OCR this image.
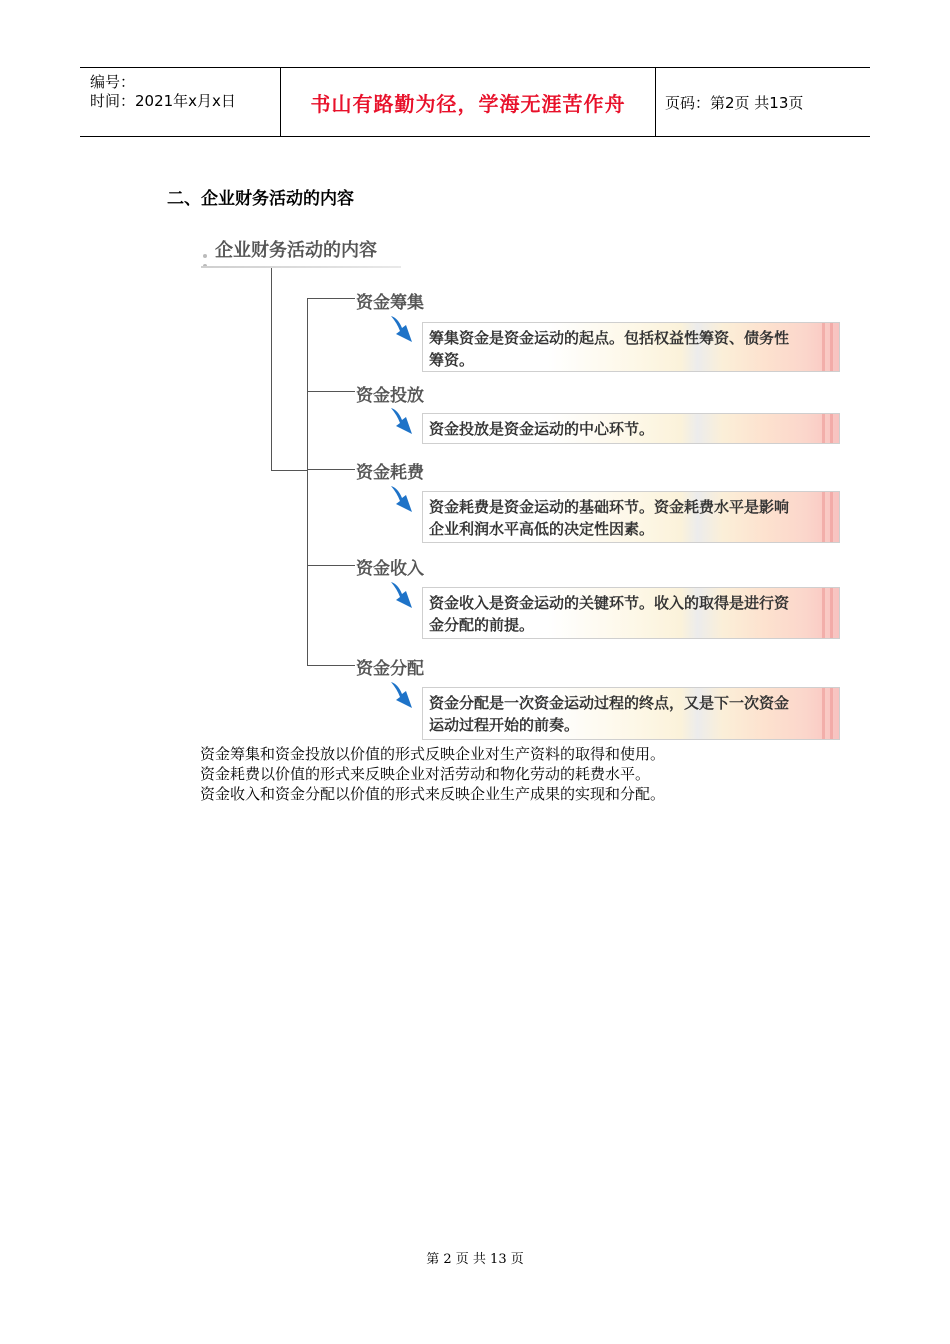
编号：
时间：2021年x月x日	书山有路勤为径，学海无涯苦作舟	页码：第2页 共13页
二、企业财务活动的内容
企业财务活动的内容
资金筹集
筹集资金是资金运动的起点。包括权益性筹资、债务性
筹资。
资金投放
资金投放是资金运动的中心环节。
资金耗费
资金耗费是资金运动的基础环节。资金耗费水平是影响
企业利润水平高低的决定性因素。
资金收入
资金收入是资金运动的关键环节。收入的取得是进行资
金分配的前提。
资金分配
资金分配是一次资金运动过程的终点，又是下一次资金
运动过程开始的前奏。
资金筹集和资金投放以价值的形式反映企业对生产资料的取得和使用。
资金耗费以价值的形式来反映企业对活劳动和物化劳动的耗费水平。
资金收入和资金分配以价值的形式来反映企业生产成果的实现和分配。
第 2 页 共 13 页
